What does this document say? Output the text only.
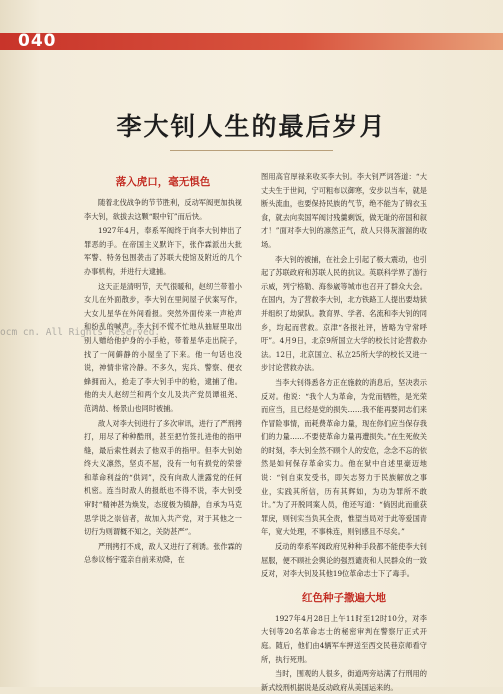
040
李大钊人生的最后岁月
落入虎口，毫无惧色

随着北伐战争的节节胜利，反动军阀更加执视李大钊，欲拔去这颗“眼中钉”而后快。

1927年4月，奉系军阀终于向李大钊伸出了罪恶的手。在帝国主义默许下，张作霖派出大批军警、特务包围袭击了苏联大使馆及附近的几个办事机构，并进行大逮捕。

这天正是清明节，天气很暖和，赵纫兰带着小女儿在外面散步，李大钊在里间屋子伏案写作，大女儿星华在外间看报。突然外面传来一声枪声和纷乱的喊声。李大钊不慌不忙地从抽屉里取出别人赠给他护身的小手枪，带着星华走出院子，找了一间僻静的小屋坐了下来。他一句话也没说，神情非常冷静。不多久，宪兵、警察、便衣蜂拥而入，抢走了李大钊手中的枪，逮捕了他。他的夫人赵纫兰和两个女儿及共产党员谭祖尧、范鸿劼、杨景山也同时被捕。

敌人对李大钊进行了多次审讯，进行了严刑拷打，用尽了种种酷刑，甚至把竹签扎进他的指甲缝，最后索性剥去了他双手的指甲。但李大钊始终大义凛然，坚贞不屈，没有一句有损党的荣誉和革命利益的“供词”，没有向敌人泄露党的任何机密。连当时敌人的报纸也不得不说，李大钊受审时“精神甚为焕发，态度极为镇静，自承为马克思学说之崇信者，故加入共产党，对于其他之一切行为则谓概不知之，关防甚严”。

严刑拷打不成，敌人又进行了利诱。张作霖的总参议杨宇霆亲自前来劝降，在

图用高官厚禄来收买李大钊。李大钊严词答道：“大丈夫生于世间，宁可粗布以御寒，安步以当车，就是断头流血，也要保持民族的气节，绝不能为了锦衣玉食，就去向卖国军阀讨残羹剩饭，做无耻的帝国和叙才！”面对李大钊的凛然正气，敌人只得灰溜溜的收场。

李大钊的被捕，在社会上引起了极大震动，也引起了苏联政府和苏联人民的抗议。英联科学界了游行示威，列宁格勒、海参崴等城市也召开了群众大会。在国内，为了营救李大钊，北方铁路工人提出要劫狱并组织了劫狱队。教育界、学者、名流和李大钊的同乡，均起而营救。京津“各报社评，皆略为守常呼吁”。4月9日，北京9所国立大学的校长讨论营救办法。12日，北京国立、私立25所大学的校长又进一步讨论营救办法。

当李大钊得悉各方正在施救的消息后，坚决表示反对。他说：“我个人为革命，为党而牺牲，是光荣而应当，且已经是党的损失……我不能再要同志们来作冒险事情，而耗费革命力量，现在你们应当保存我们的力量……不要使革命力量再遭损失。”在生死攸关的时刻，李大钊全然不顾个人的安危，念念不忘的依然是如何保存革命实力。他在狱中自述里豪迈地说：“钊自束发受书，即矢志努力于民族解放之事业，实践其所信，历有其辉如，为功为罪所不敢计。”为了开脱同案人员，他还写道：“倘因此而重获罪戾，则钊实当负其全责，惟望当局对于此等爱国青年，宽大处理，不事株连，则钊感且不尽矣。”

反动的奉系军阀政府见种种手段都不能使李大钊屈服，便不顾社会舆论的强烈谴责和人民群众的一致反对，对李大钊及其他19位革命志士下了毒手。

红色种子撒遍大地

1927年4月28日上午11时至12时10分，对李大钊等20名革命志士的秘密审判在警察厅正式开庭。随后，他们由4辆军车押送至西交民巷京师看守所，执行死刑。

当时，围观的人很多，街道两旁站满了行刑用的新式绞刑机据说是反动政府从美国运来的。

ocm cn. All Rights Reserved.
